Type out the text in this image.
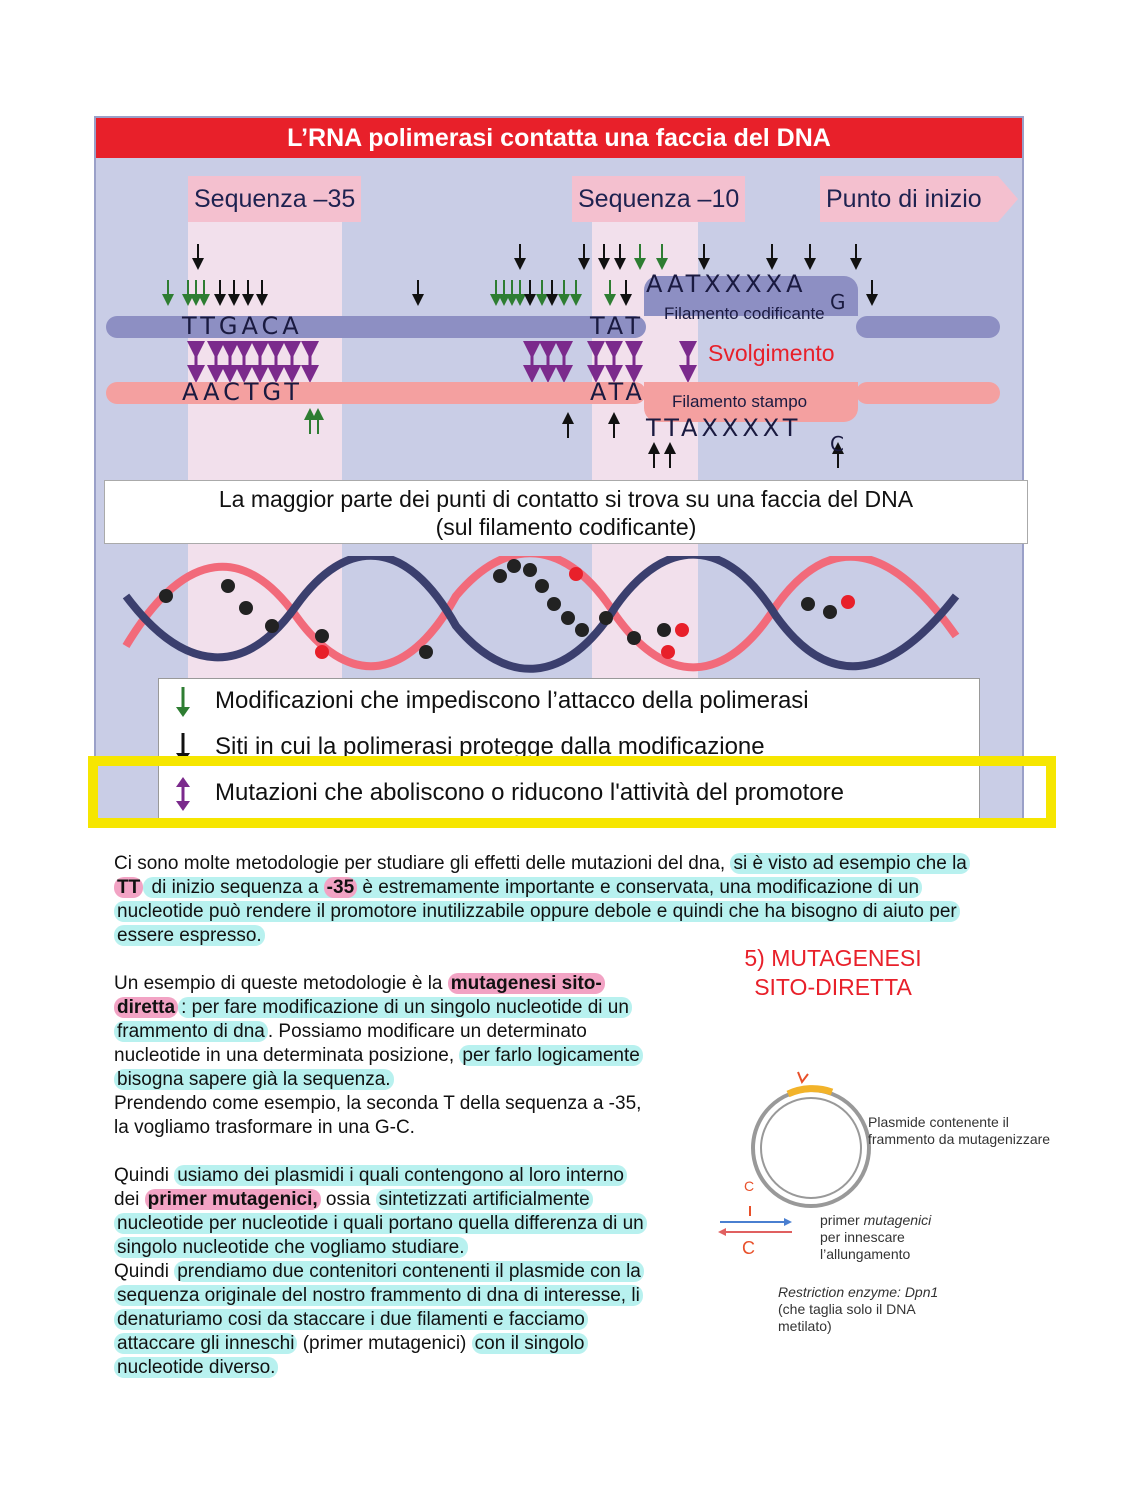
L’RNA polimerasi contatta una faccia del DNA
Sequenza –35	Sequenza –10	Punto di inizio
TTGACA	TAT
AATXXXXA
G
Filamento codificante
AACTGT	ATA Filamento stampo
TTAXXXXT
C
Svolgimento
La maggior parte dei punti di contatto si trova su una faccia del DNA
(sul filamento codificante)
Modificazioni che impediscono l’attacco della polimerasi
Siti in cui la polimerasi protegge dalla modificazione
Mutazioni che aboliscono o riducono l'attività del promotore
Ci sono molte metodologie per studiare gli effetti delle mutazioni del dna, si è visto ad esempio che la
TT di inizio sequenza a -35 è estremamente importante e conservata, una modificazione di un
nucleotide può rendere il promotore inutilizzabile oppure debole e quindi che ha bisogno di aiuto per
essere espresso.
Un esempio di queste metodologie è la mutagenesi sito-
diretta : per fare modificazione di un singolo nucleotide di un
frammento di dna . Possiamo modificare un determinato
nucleotide in una determinata posizione, per farlo logicamente
bisogna sapere già la sequenza.
Prendendo come esempio, la seconda T della sequenza a -35,
la vogliamo trasformare in una G-C.
Quindi usiamo dei plasmidi i quali contengono al loro interno
dei primer mutagenici, ossia sintetizzati artificialmente
nucleotide per nucleotide i quali portano quella differenza di un
singolo nucleotide che vogliamo studiare.
Quindi prendiamo due contenitori contenenti il plasmide con la
sequenza originale del nostro frammento di dna di interesse, li
denaturiamo cosi da staccare i due filamenti e facciamo
attaccare gli inneschi (primer mutagenici) con il singolo
nucleotide diverso.
5) MUTAGENESI
SITO-DIRETTA
Plasmide contenente il
frammento da mutagenizzare
C
C
primer mutagenici
per innescare
l’allungamento
Restriction enzyme: Dpn1
(che taglia solo il DNA
metilato)
